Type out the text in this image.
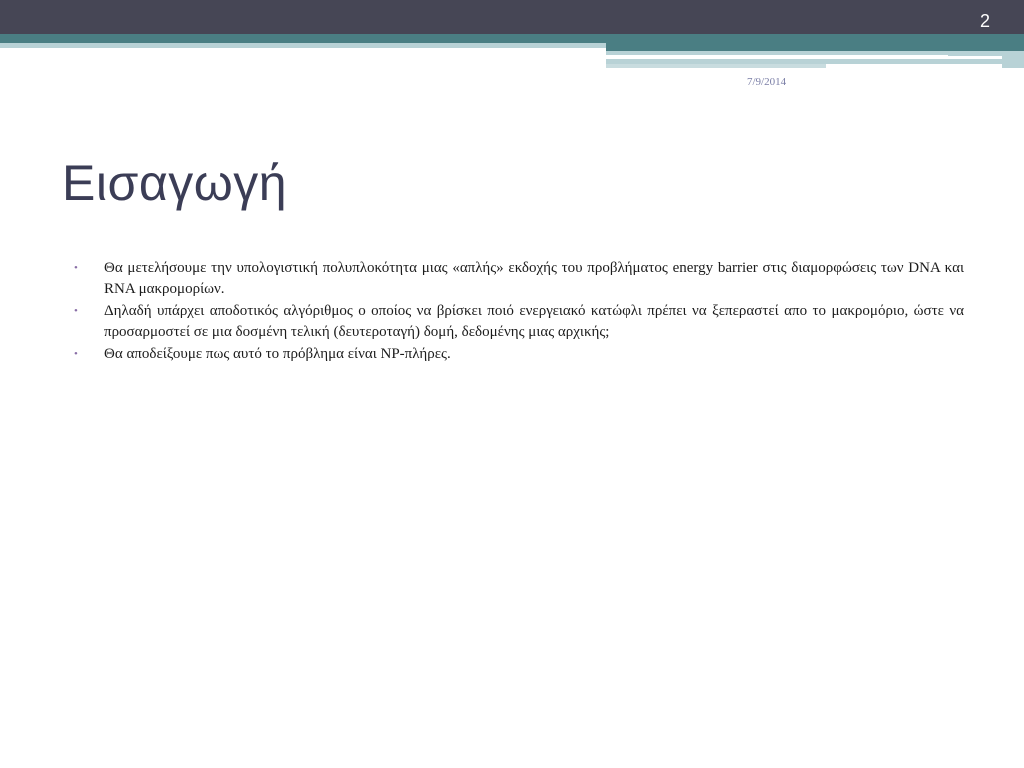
2
7/9/2014
Εισαγωγή
• Θα μετελήσουμε την υπολογιστική πολυπλοκότητα μιας «απλής» εκδοχής του προβλήματος energy barrier στις διαμορφώσεις των DNA και RNA μακρομορίων.
• Δηλαδή υπάρχει αποδοτικός αλγόριθμος ο οποίος να βρίσκει ποιό ενεργειακό κατώφλι πρέπει να ξεπεραστεί απο το μακρομόριο, ώστε να προσαρμοστεί σε μια δοσμένη τελική (δευτεροταγή) δομή, δεδομένης μιας αρχικής;
• Θα αποδείξουμε πως αυτό το πρόβλημα είναι NP-πλήρες.
